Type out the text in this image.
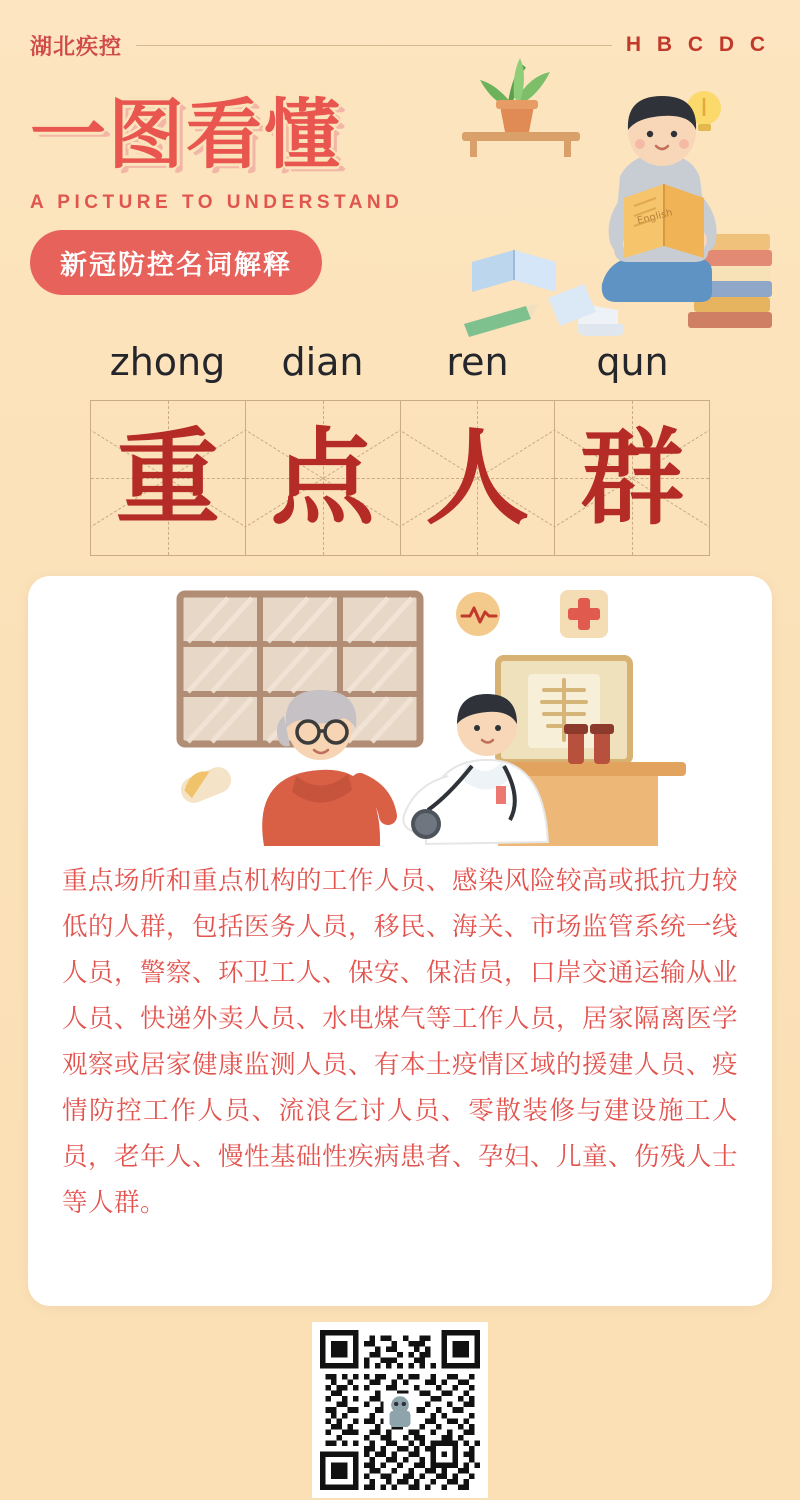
湖北疾控	H B C D C
English
一图看懂
A PICTURE TO UNDERSTAND
新冠防控名词解释
zhong	dian	ren	qun
重 点 人 群
重点场所和重点机构的工作人员、感染风险较高或抵抗力较低的人群，包括医务人员，移民、海关、市场监管系统一线人员，警察、环卫工人、保安、保洁员，口岸交通运输从业人员、快递外卖人员、水电煤气等工作人员，居家隔离医学观察或居家健康监测人员、有本土疫情区域的援建人员、疫情防控工作人员、流浪乞讨人员、零散装修与建设施工人员，老年人、慢性基础性疾病患者、孕妇、儿童、伤残人士等人群。
